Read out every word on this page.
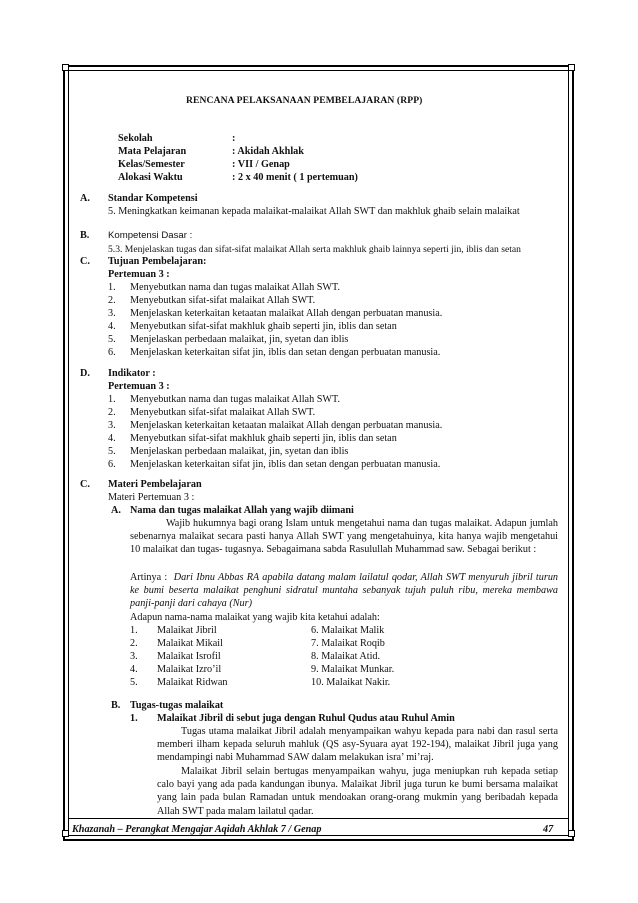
RENCANA PELAKSANAAN PEMBELAJARAN (RPP)
Sekolah	:
Mata Pelajaran	: Akidah Akhlak
Kelas/Semester	: VII / Genap
Alokasi Waktu	: 2 x 40 menit ( 1 pertemuan)
A. Standar Kompetensi
5. Meningkatkan keimanan kepada malaikat-malaikat Allah SWT dan makhluk ghaib selain malaikat
B. Kompetensi Dasar :
5.3. Menjelaskan tugas dan sifat-sifat malaikat Allah serta makhluk ghaib lainnya seperti jin, iblis dan setan
C. Tujuan Pembelajaran:
Pertemuan 3 :
1. Menyebutkan nama dan tugas malaikat Allah SWT.
2. Menyebutkan sifat-sifat malaikat Allah SWT.
3. Menjelaskan keterkaitan ketaatan malaikat Allah dengan perbuatan manusia.
4. Menyebutkan sifat-sifat makhluk ghaib seperti jin, iblis dan setan
5. Menjelaskan perbedaan malaikat, jin, syetan dan iblis
6. Menjelaskan keterkaitan sifat jin, iblis dan setan dengan perbuatan manusia.
D. Indikator :
Pertemuan 3 :
1. Menyebutkan nama dan tugas malaikat Allah SWT.
2. Menyebutkan sifat-sifat malaikat Allah SWT.
3. Menjelaskan keterkaitan ketaatan malaikat Allah dengan perbuatan manusia.
4. Menyebutkan sifat-sifat makhluk ghaib seperti jin, iblis dan setan
5. Menjelaskan perbedaan malaikat, jin, syetan dan iblis
6. Menjelaskan keterkaitan sifat jin, iblis dan setan dengan perbuatan manusia.
C. Materi Pembelajaran
Materi Pertemuan 3 :
A. Nama dan tugas malaikat Allah yang wajib diimani
Wajib hukumnya bagi orang Islam untuk mengetahui nama dan tugas malaikat. Adapun jumlah sebenarnya malaikat secara pasti hanya Allah SWT yang mengetahuinya, kita hanya wajib mengetahui 10 malaikat dan tugas- tugasnya. Sebagaimana sabda Rasulullah Muhammad saw. Sebagai berikut :
Artinya : Dari Ibnu Abbas RA apabila datang malam lailatul qodar, Allah SWT menyuruh jibril turun ke bumi beserta malaikat penghuni sidratul muntaha sebanyak tujuh puluh ribu, mereka membawa panji-panji dari cahaya (Nur)
Adapun nama-nama malaikat yang wajib kita ketahui adalah:
1. Malaikat Jibril	6. Malaikat Malik
2. Malaikat Mikail	7. Malaikat Roqib
3. Malaikat Isrofil	8. Malaikat Atid.
4. Malaikat Izro’il	9. Malaikat Munkar.
5. Malaikat Ridwan	10. Malaikat Nakir.
B. Tugas-tugas malaikat
1. Malaikat Jibril di sebut juga dengan Ruhul Qudus atau Ruhul Amin
Tugas utama malaikat Jibril adalah menyampaikan wahyu kepada para nabi dan rasul serta memberi ilham kepada seluruh mahluk (QS asy-Syuara ayat 192-194), malaikat Jibril juga yang mendampingi nabi Muhammad SAW dalam melakukan isra’ mi’raj.
Malaikat Jibril selain bertugas menyampaikan wahyu, juga meniupkan ruh kepada setiap calo bayi yang ada pada kandungan ibunya. Malaikat Jibril juga turun ke bumi bersama malaikat yang lain pada bulan Ramadan untuk mendoakan orang-orang mukmin yang beribadah kepada Allah SWT pada malam lailatul qadar.
Khazanah – Perangkat Mengajar Aqidah Akhlak 7 / Genap	47
